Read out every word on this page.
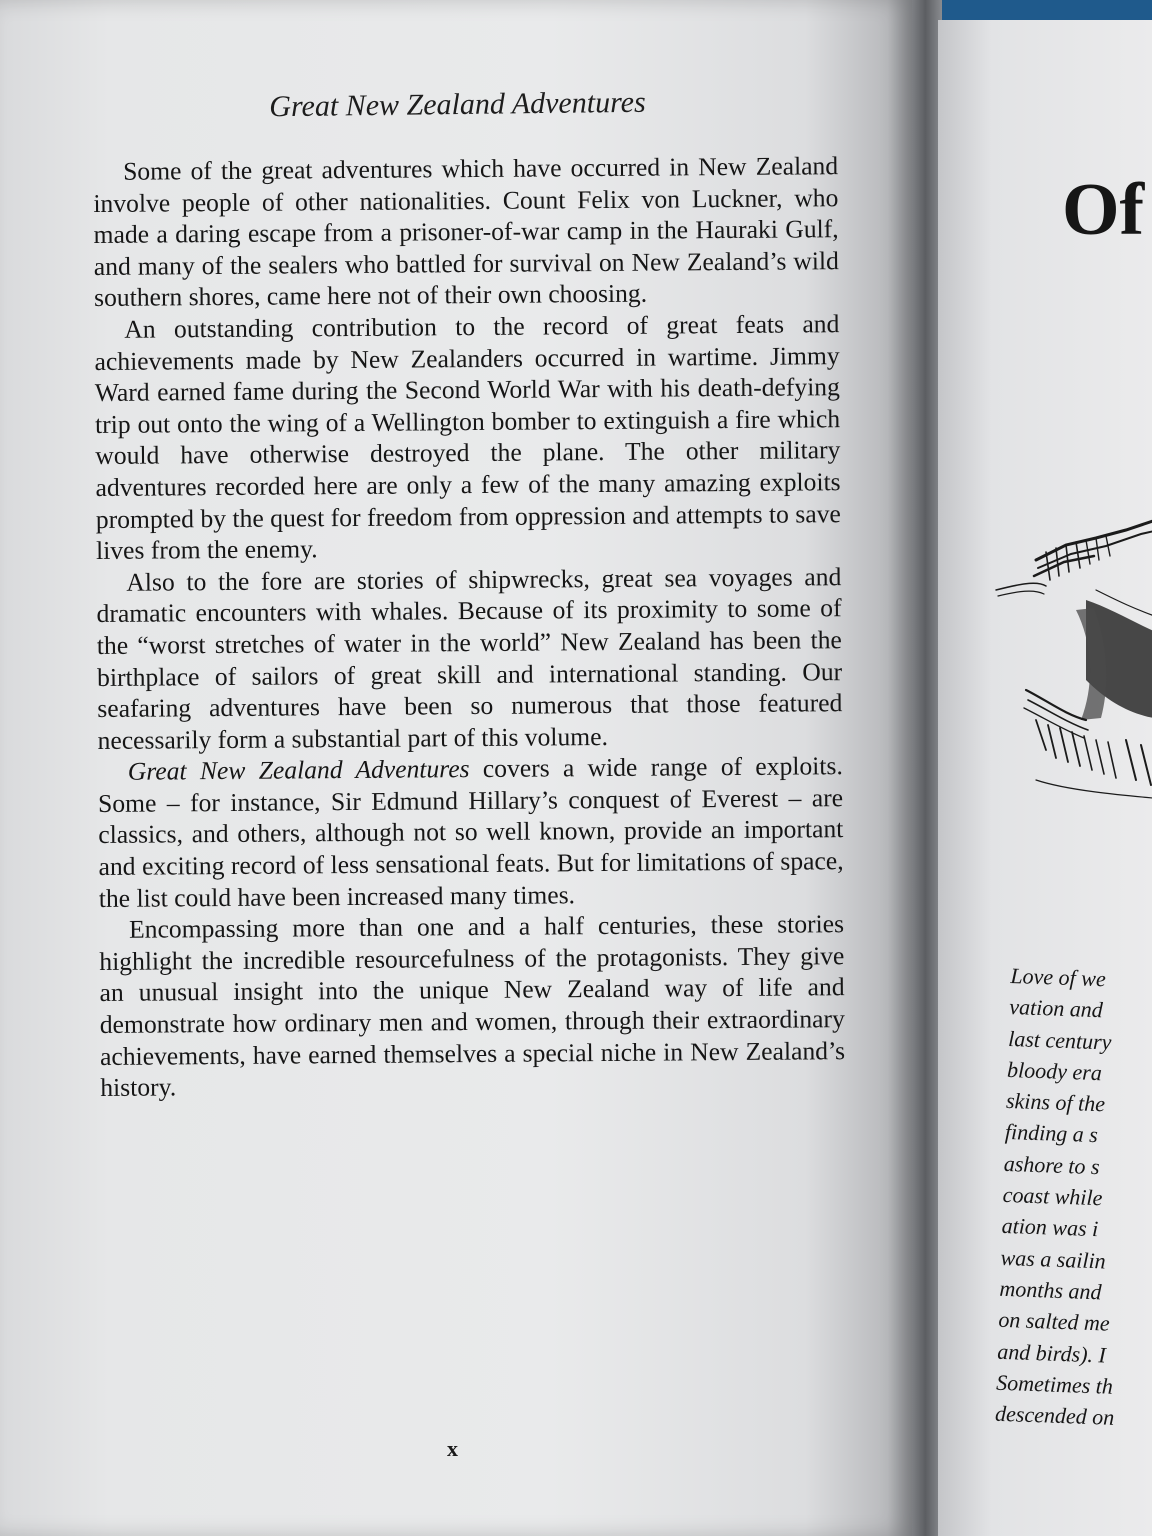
Great New Zealand Adventures

Some of the great adventures which have occurred in New Zealand involve people of other nationalities. Count Felix von Luckner, who made a daring escape from a prisoner-of-war camp in the Hauraki Gulf, and many of the sealers who battled for survival on New Zealand’s wild southern shores, came here not of their own choosing.

An outstanding contribution to the record of great feats and achievements made by New Zealanders occurred in wartime. Jimmy Ward earned fame during the Second World War with his death-defying trip out onto the wing of a Wellington bomber to extinguish a fire which would have otherwise destroyed the plane. The other military adventures recorded here are only a few of the many amazing exploits prompted by the quest for freedom from oppression and attempts to save lives from the enemy.

Also to the fore are stories of shipwrecks, great sea voyages and dramatic encounters with whales. Because of its proximity to some of the “worst stretches of water in the world” New Zealand has been the birthplace of sailors of great skill and international standing. Our seafaring adventures have been so numerous that those featured necessarily form a substantial part of this volume.

Great New Zealand Adventures covers a wide range of exploits. Some – for instance, Sir Edmund Hillary’s conquest of Everest – are classics, and others, although not so well known, provide an important and exciting record of less sensational feats. But for limitations of space, the list could have been increased many times.

Encompassing more than one and a half centuries, these stories highlight the incredible resourcefulness of the protagonists. They give an unusual insight into the unique New Zealand way of life and demonstrate how ordinary men and women, through their extraordinary achievements, have earned themselves a special niche in New Zealand’s history.

x
Of
Love of we
vation and
last century
bloody era
skins of the
finding a s
ashore to s
coast while
ation was i
was a sailin
months and
on salted me
and birds). I
Sometimes th
descended on
